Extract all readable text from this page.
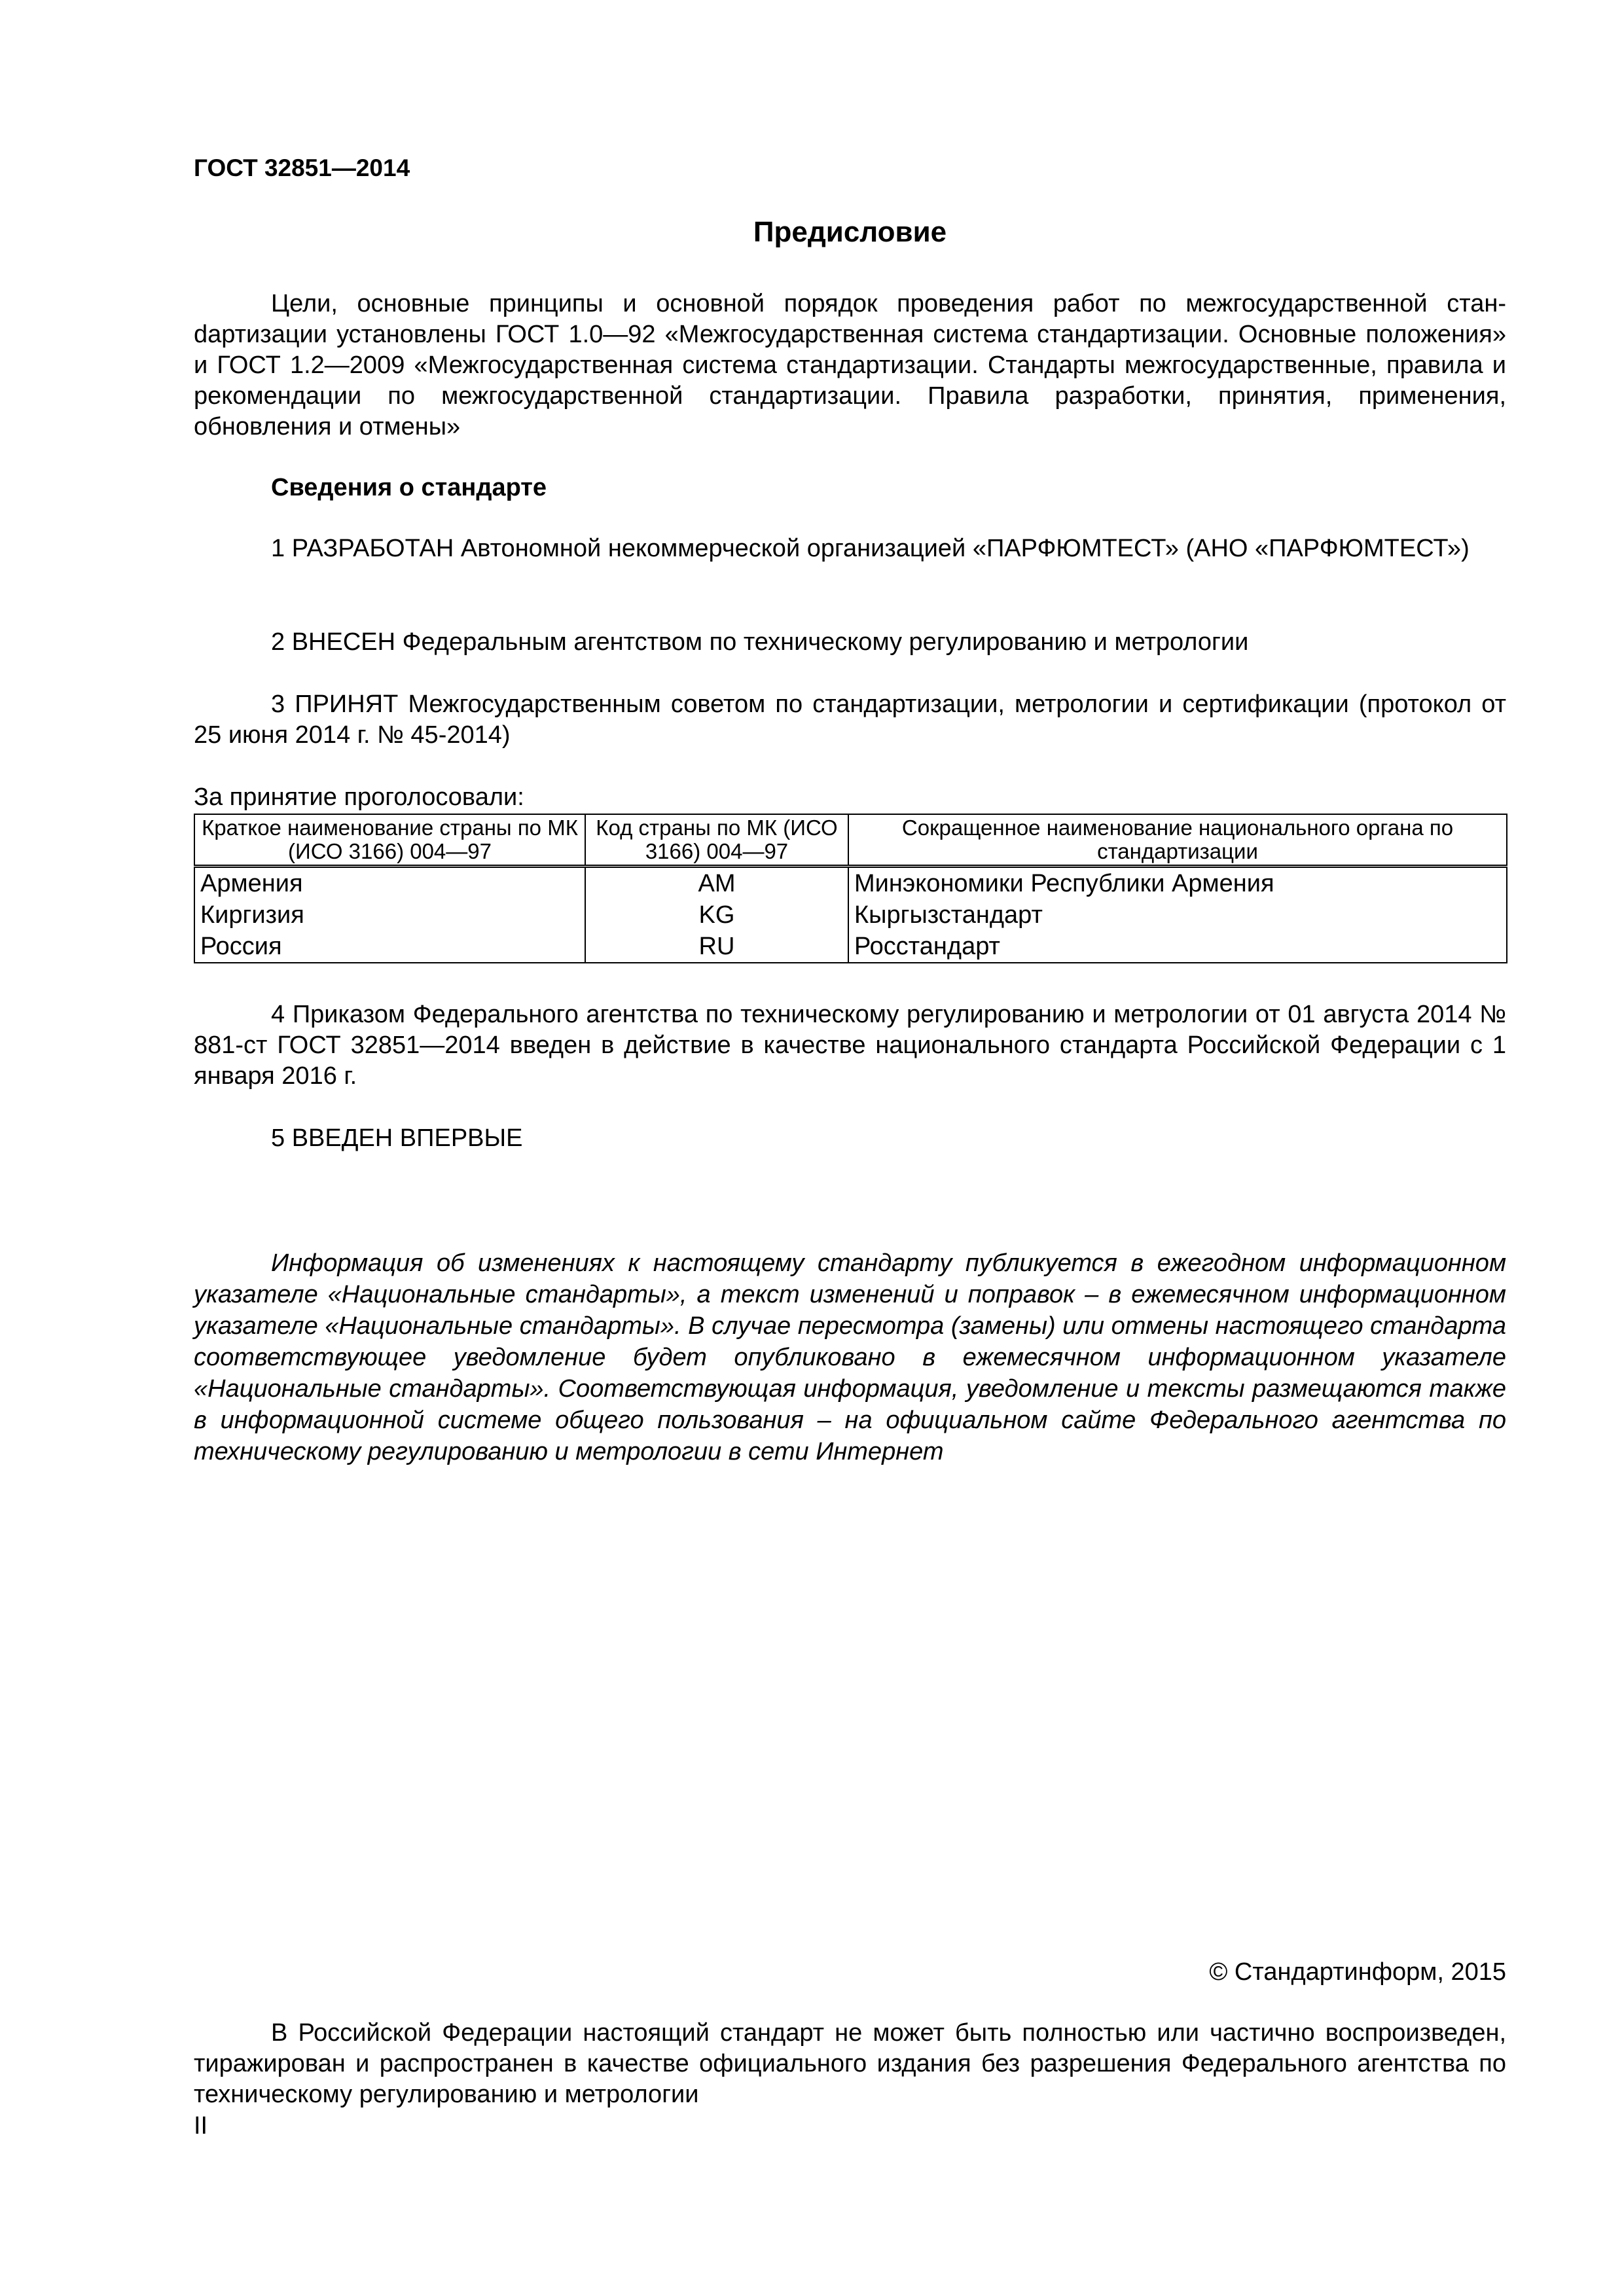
ГОСТ 32851—2014

Предисловие

Цели, основные принципы и основной порядок проведения работ по межгосударственной станdартизации установлены ГОСТ 1.0—92 «Межгосударственная система стандартизации. Основные положения» и ГОСТ 1.2—2009 «Межгосударственная система стандартизации. Стандарты межгосударственные, правила и рекомендации по межгосударственной стандартизации. Правила разработки, принятия, применения, обновления и отмены»

Сведения о стандарте

1 РАЗРАБОТАН Автономной некоммерческой организацией «ПАРФЮМТЕСТ» (АНО «ПАРФЮМТЕСТ»)

2 ВНЕСЕН Федеральным агентством по техническому регулированию и метрологии

3 ПРИНЯТ Межгосударственным советом по стандартизации, метрологии и сертификации (протокол от 25 июня 2014 г. № 45-2014)

За принятие проголосовали:

Краткое наименование страны по МК (ИСО 3166) 004—97	Код страны по МК (ИСО 3166) 004—97	Сокращенное наименование национального органа по стандартизации
Армения	AM	Минэкономики Республики Армения
Киргизия	KG	Кыргызстандарт
Россия	RU	Росстандарт

4 Приказом Федерального агентства по техническому регулированию и метрологии от 01 августа 2014 № 881-ст ГОСТ 32851—2014 введен в действие в качестве национального стандарта Российской Федерации с 1 января 2016 г.

5 ВВЕДЕН ВПЕРВЫЕ

Информация об изменениях к настоящему стандарту публикуется в ежегодном информационном указателе «Национальные стандарты», а текст изменений и поправок – в ежемесячном информационном указателе «Национальные стандарты». В случае пересмотра (замены) или отмены настоящего стандарта соответствующее уведомление будет опубликовано в ежемесячном информационном указателе «Национальные стандарты». Соответствующая информация, уведомление и тексты размещаются также в информационной системе общего пользования – на официальном сайте Федерального агентства по техническому регулированию и метрологии в сети Интернет

© Стандартинформ, 2015

В Российской Федерации настоящий стандарт не может быть полностью или частично воспроизведен, тиражирован и распространен в качестве официального издания без разрешения Федерального агентства по техническому регулированию и метрологии

II
